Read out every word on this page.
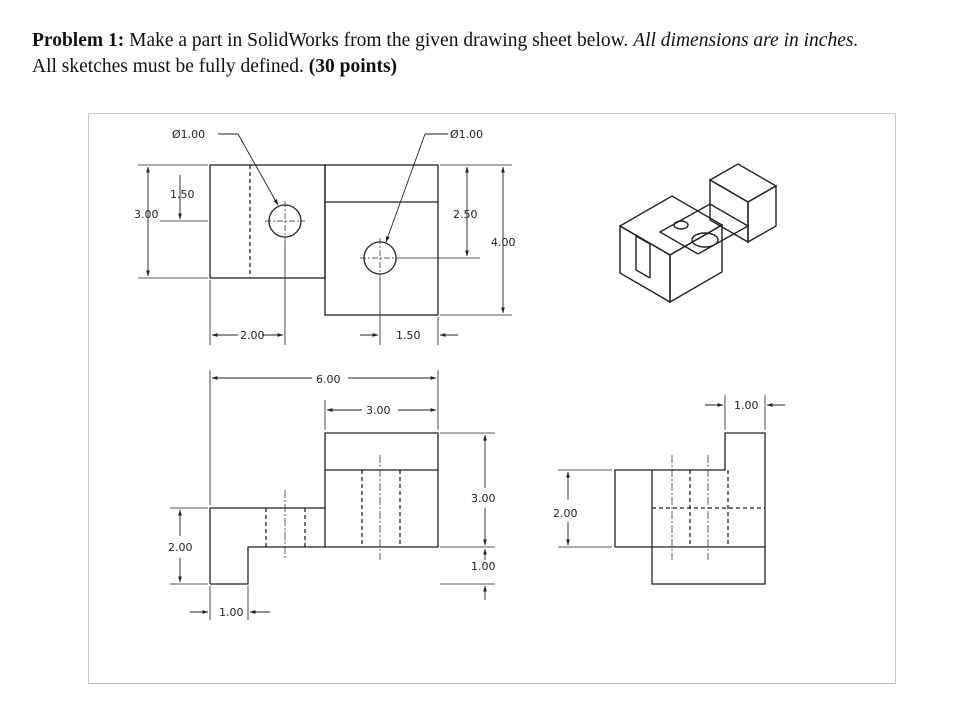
Problem 1: Make a part in SolidWorks from the given drawing sheet below. All dimensions are in inches.
All sketches must be fully defined. (30 points)
Ø1.00	Ø1.00
1.50
3.00	2.50
4.00
2.00	1.50
6.00
3.00
2.00
1.00
3.00
1.00
2.00
1.00
